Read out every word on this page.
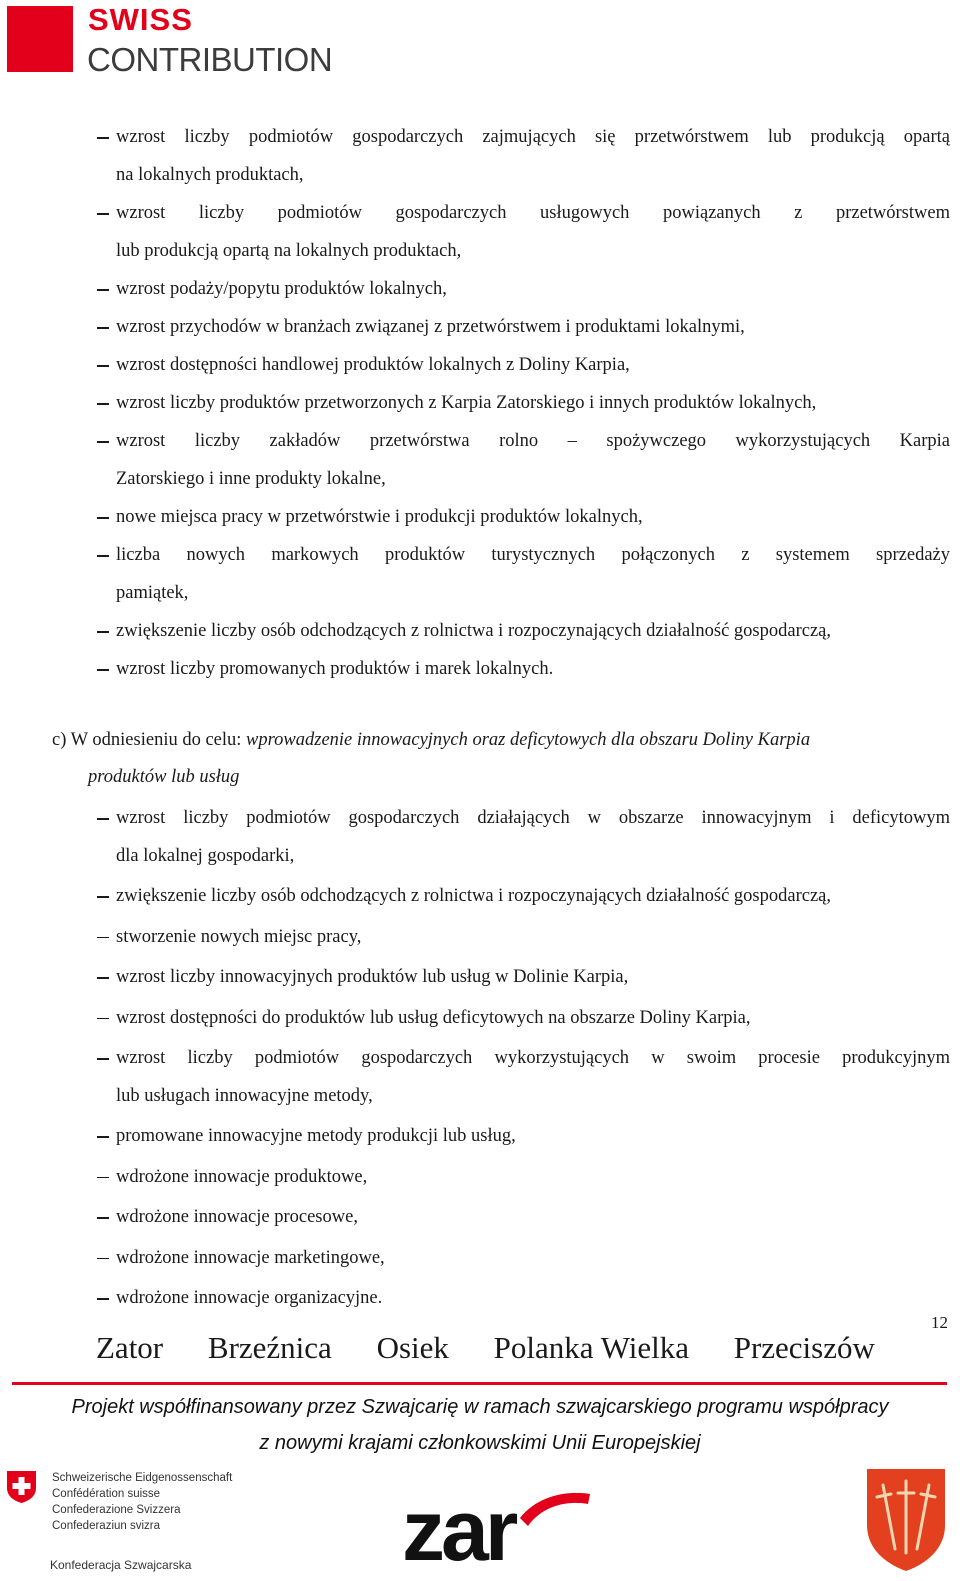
SWISS
CONTRIBUTION
wzrost liczby podmiotów gospodarczych zajmujących się przetwórstwem lub produkcją opartą
na lokalnych produktach,
wzrost liczby podmiotów gospodarczych usługowych powiązanych z przetwórstwem
lub produkcją opartą na lokalnych produktach,
wzrost podaży/popytu produktów lokalnych,
wzrost przychodów w branżach związanej z przetwórstwem i produktami lokalnymi,
wzrost dostępności handlowej produktów lokalnych z Doliny Karpia,
wzrost liczby produktów przetworzonych z Karpia Zatorskiego i innych produktów lokalnych,
wzrost liczby zakładów przetwórstwa rolno – spożywczego wykorzystujących Karpia
Zatorskiego i inne produkty lokalne,
nowe miejsca pracy w przetwórstwie i produkcji produktów lokalnych,
liczba nowych markowych produktów turystycznych połączonych z systemem sprzedaży
pamiątek,
zwiększenie liczby osób odchodzących z rolnictwa i rozpoczynających działalność gospodarczą,
wzrost liczby promowanych produktów i marek lokalnych.
c) W odniesieniu do celu: wprowadzenie innowacyjnych oraz deficytowych dla obszaru Doliny Karpia
produktów lub usług
wzrost liczby podmiotów gospodarczych działających w obszarze innowacyjnym i deficytowym
dla lokalnej gospodarki,
zwiększenie liczby osób odchodzących z rolnictwa i rozpoczynających działalność gospodarczą,
stworzenie nowych miejsc pracy,
wzrost liczby innowacyjnych produktów lub usług w Dolinie Karpia,
wzrost dostępności do produktów lub usług deficytowych na obszarze Doliny Karpia,
wzrost liczby podmiotów gospodarczych wykorzystujących w swoim procesie produkcyjnym
lub usługach innowacyjne metody,
promowane innowacyjne metody produkcji lub usług,
wdrożone innowacje produktowe,
wdrożone innowacje procesowe,
wdrożone innowacje marketingowe,
wdrożone innowacje organizacyjne.
12
Zator Brzeźnica Osiek Polanka Wielka Przeciszów
Projekt współfinansowany przez Szwajcarię w ramach szwajcarskiego programu współpracy
z nowymi krajami członkowskimi Unii Europejskiej
Schweizerische Eidgenossenschaft
Confédération suisse
Confederazione Svizzera
Confederaziun svizra
Konfederacja Szwajcarska zar
